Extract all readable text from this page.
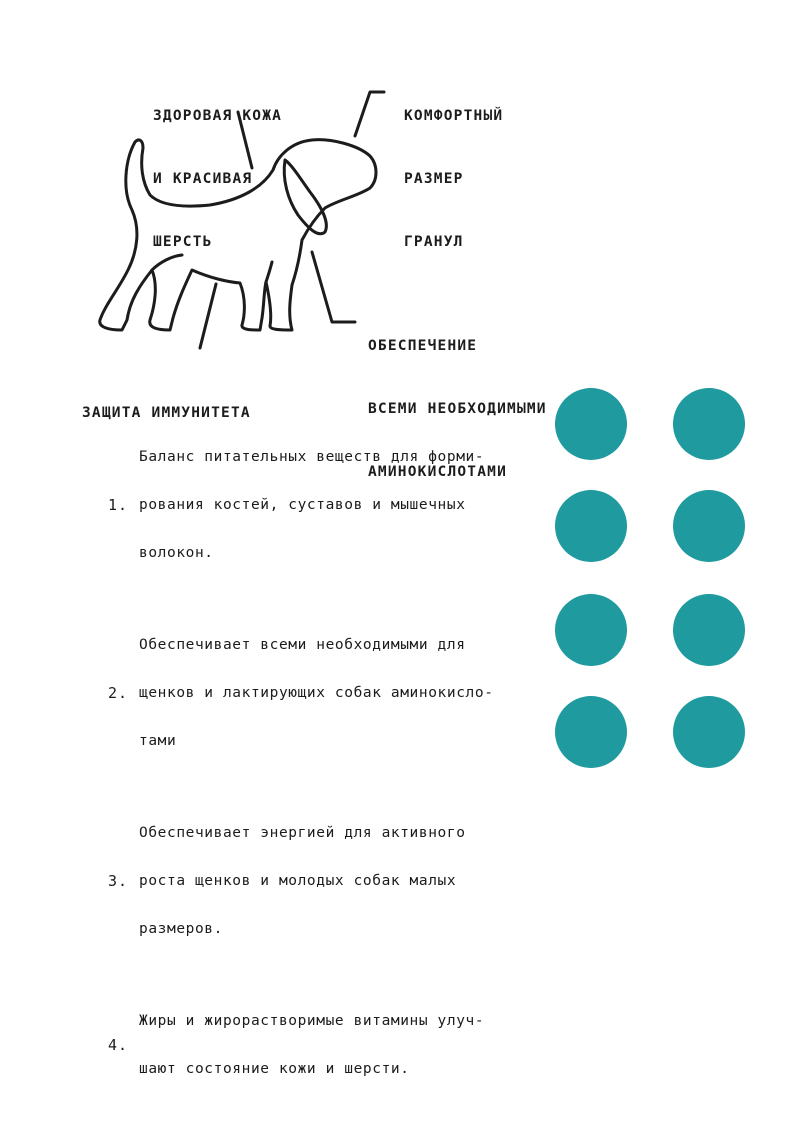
ЗДОРОВАЯ КОЖА

И КРАСИВАЯ

ШЕРСТЬ

КОМФОРТНЫЙ

РАЗМЕР

ГРАНУЛ

ОБЕСПЕЧЕНИЕ

ВСЕМИ НЕОБХОДИМЫМИ

АМИНОКИСЛОТАМИ

ЗАЩИТА ИММУНИТЕТА

1.

Баланс питательных веществ для форми-

рования костей, суставов и мышечных

волокон.

2.

Обеспечивает всеми необходимыми для

щенков и лактирующих собак аминокисло-

тами

3.

Обеспечивает энергией для активного

роста щенков и молодых собак малых

размеров.

4.

Жиры и жирорастворимые витамины улуч-

шают состояние кожи и шерсти.
